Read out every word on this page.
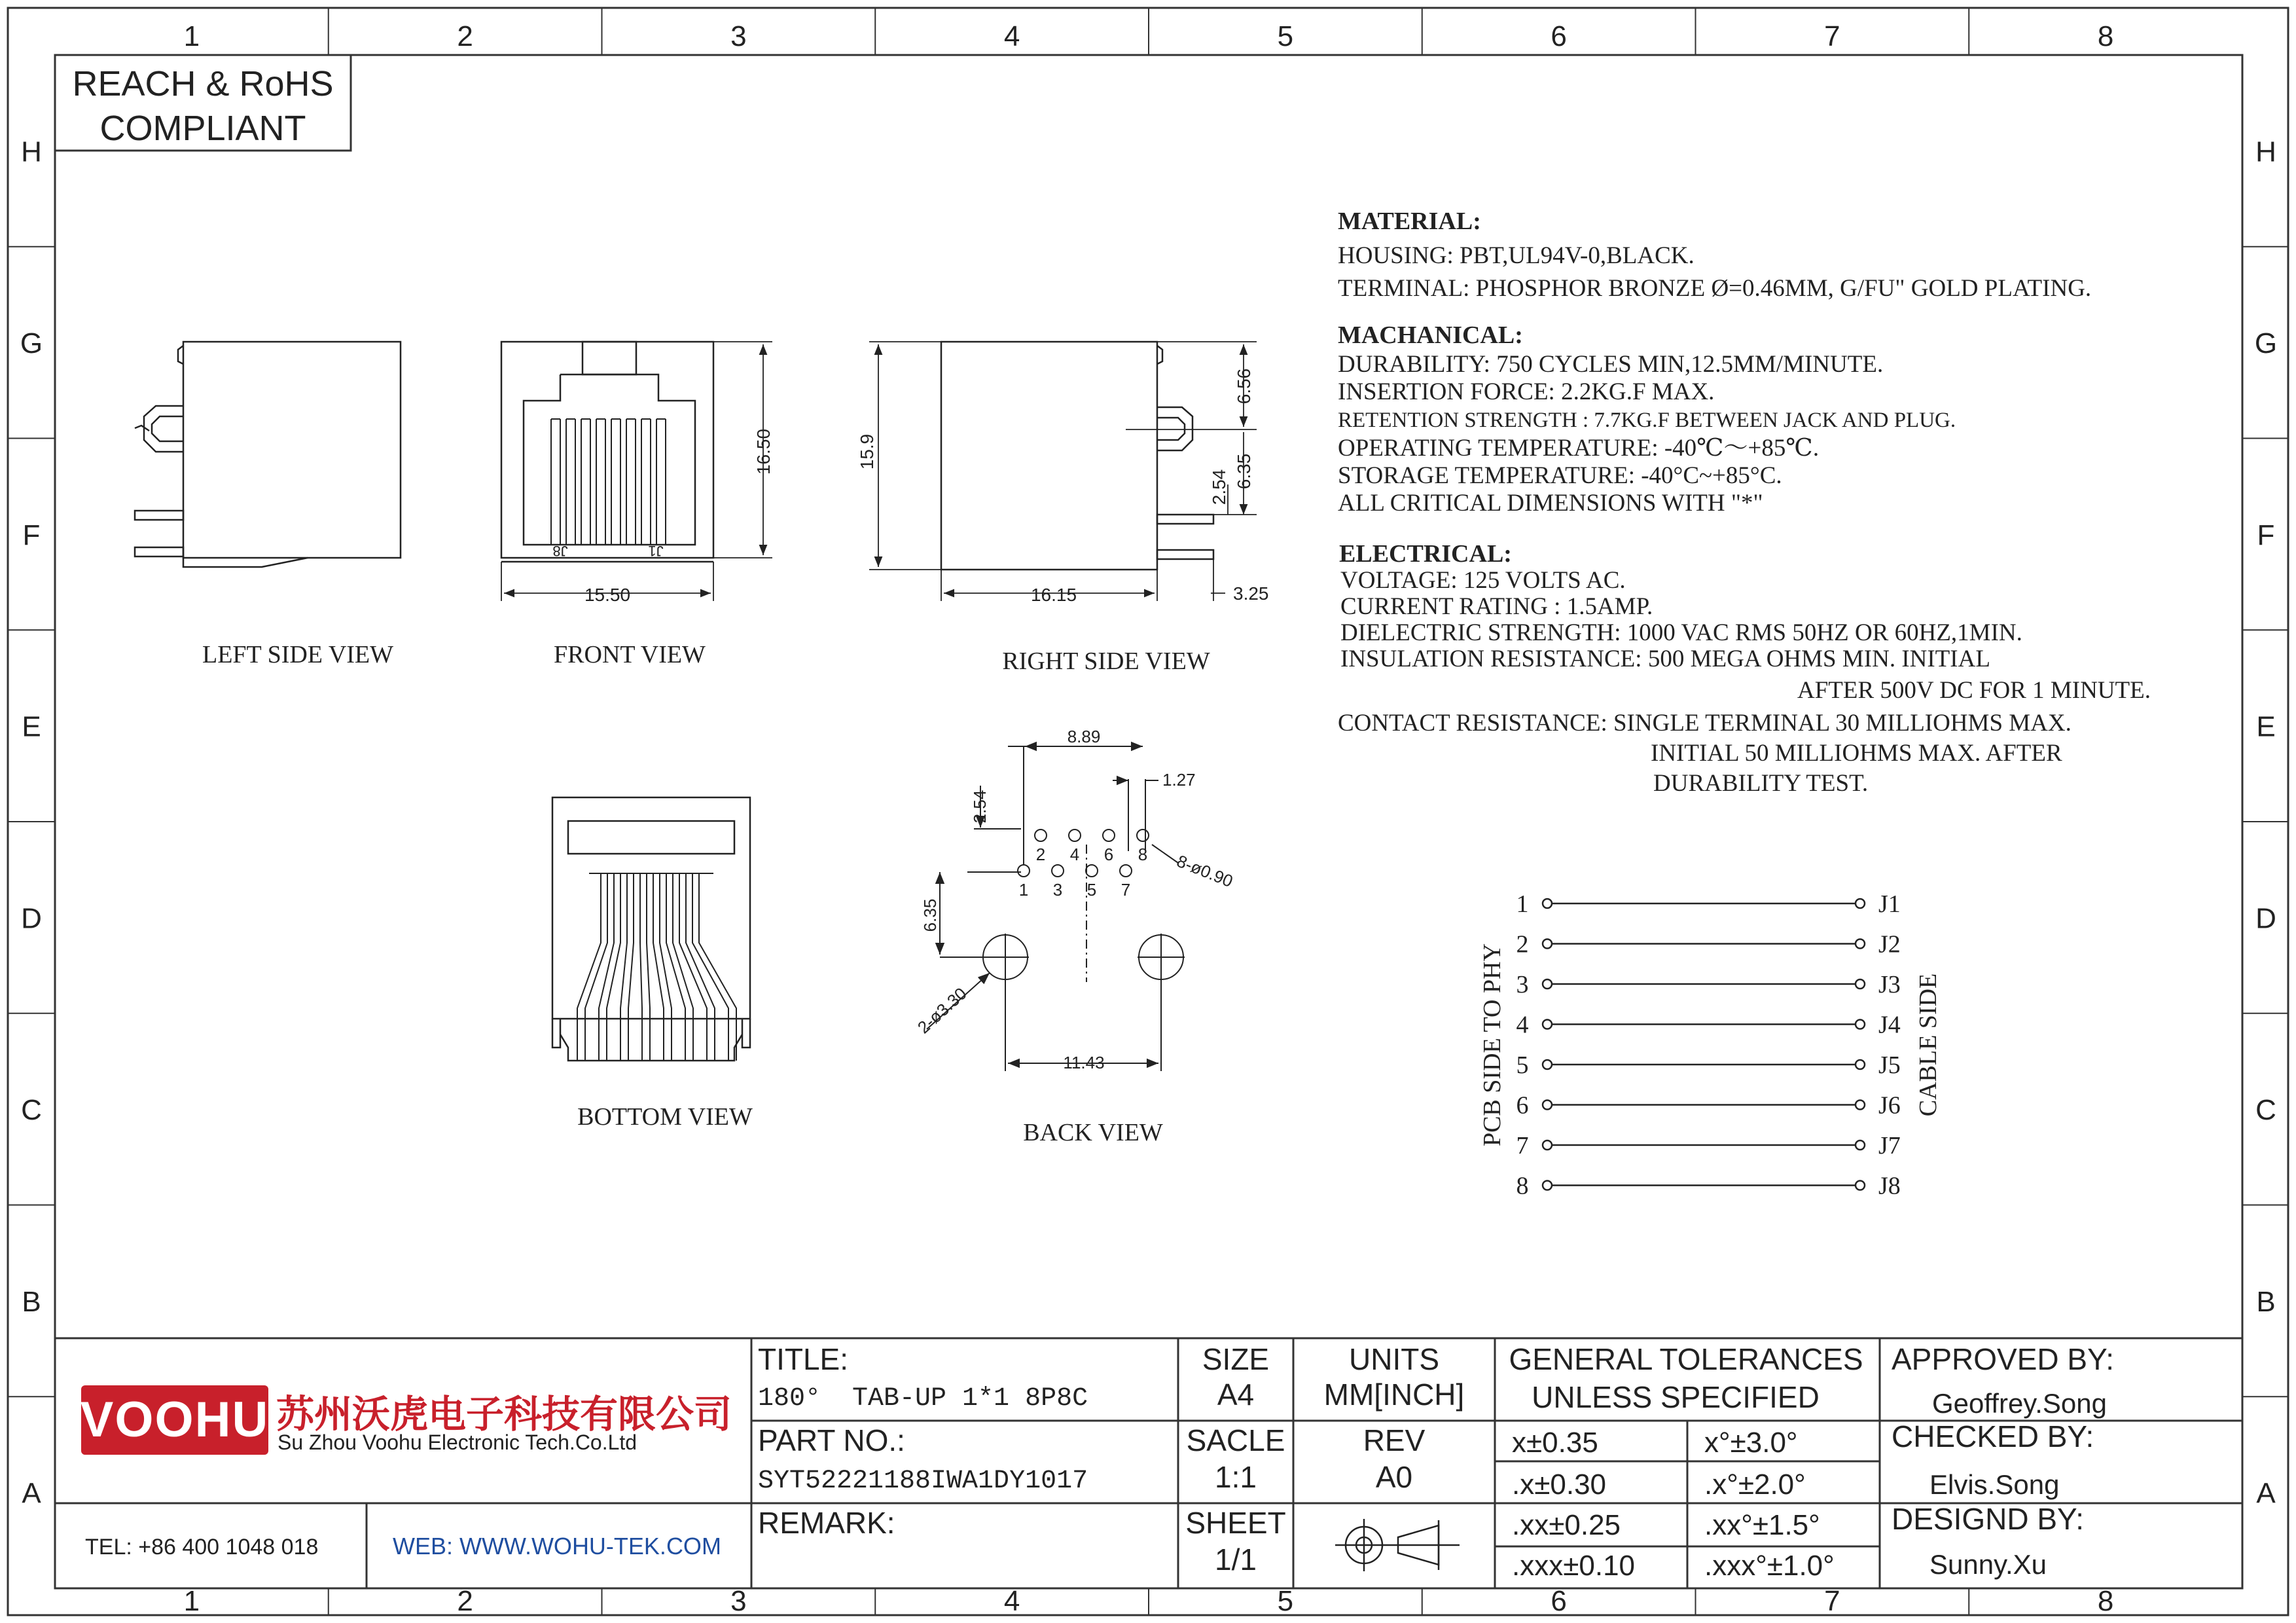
1
1
2
2
3
3
4
4
5
5
6
6
7
7
8
8
H	H
G	G
F	F
E	E
D	D
C	C
B	B
A	A
REACH & RoHS
COMPLIANT
LEFT SIDE VIEW
J8	J1
16.50
15.50
FRONT VIEW
15.9
16.15	3.25
6.56
6.35
2.54
RIGHT SIDE VIEW
BOTTOM VIEW
1 3 5 7
2 4 6 8
8.89
1.27
2.54
8-ø0.90
6.35
2-ø3.30
11.43
BACK VIEW
MATERIAL:
HOUSING: PBT,UL94V-0,BLACK.
TERMINAL: PHOSPHOR BRONZE Ø=0.46MM, G/FU" GOLD PLATING.
MACHANICAL:
DURABILITY: 750 CYCLES MIN,12.5MM/MINUTE.
INSERTION FORCE: 2.2KG.F MAX.
RETENTION STRENGTH : 7.7KG.F BETWEEN JACK AND PLUG.
OPERATING TEMPERATURE: -40℃～+85℃.
STORAGE TEMPERATURE: -40°C~+85°C.
ALL CRITICAL DIMENSIONS WITH "*"
ELECTRICAL:
VOLTAGE: 125 VOLTS AC.
CURRENT RATING : 1.5AMP.
DIELECTRIC STRENGTH: 1000 VAC RMS 50HZ OR 60HZ,1MIN.
INSULATION RESISTANCE: 500 MEGA OHMS MIN. INITIAL
AFTER 500V DC FOR 1 MINUTE.
CONTACT RESISTANCE: SINGLE TERMINAL 30 MILLIOHMS MAX.
INITIAL 50 MILLIOHMS MAX. AFTER
DURABILITY TEST.
1	J1
2	J2
3	J3
4	J4
5	J5
6	J6
7	J7
8	J8
PCB SIDE TO PHY	CABLE SIDE
VOOHU 苏州沃虎电子科技有限公司
Su Zhou Voohu Electronic Tech.Co.Ltd
TEL: +86 400 1048 018	WEB: WWW.WOHU-TEK.COM
TITLE:
180°  TAB-UP 1*1 8P8C
PART NO.:
SYT52221188IWA1DY1017
REMARK:
SIZE
A4
SACLE
1:1
SHEET
1/1
UNITS
MM[INCH]
REV
A0
GENERAL TOLERANCES
UNLESS SPECIFIED
x±0.35	x°±3.0°
.x±0.30	.x°±2.0°
.xx±0.25	.xx°±1.5°
.xxx±0.10 .xxx°±1.0°
APPROVED BY:
Geoffrey.Song
CHECKED BY:
Elvis.Song
DESIGND BY:
Sunny.Xu
